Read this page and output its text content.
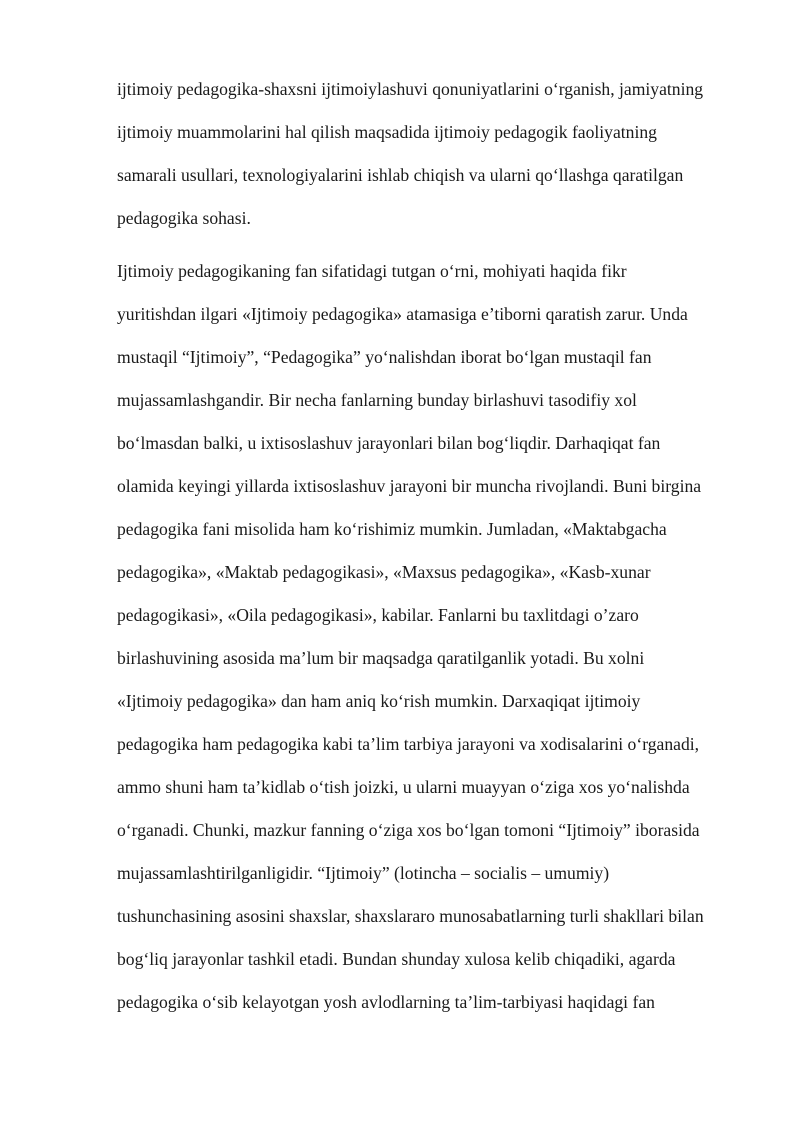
ijtimoiy pedagogika-shaxsni ijtimoiylashuvi qonuniyatlarini o‘rganish, jamiyatning
ijtimoiy muammolarini hal qilish maqsadida ijtimoiy pedagogik faoliyatning
samarali usullari, texnologiyalarini ishlab chiqish va ularni qo‘llashga qaratilgan
pedagogika sohasi.
Ijtimoiy pedagogikaning fan sifatidagi tutgan o‘rni, mohiyati haqida fikr
yuritishdan ilgari «Ijtimoiy pedagogika» atamasiga e’tiborni qaratish zarur. Unda
mustaqil “Ijtimoiy”, “Pedagogika” yo‘nalishdan iborat bo‘lgan mustaqil fan
mujassamlashgandir. Bir necha fanlarning bunday birlashuvi tasodifiy xol
bo‘lmasdan balki, u ixtisoslashuv jarayonlari bilan bog‘liqdir. Darhaqiqat fan
olamida keyingi yillarda ixtisoslashuv jarayoni bir muncha rivojlandi. Buni birgina
pedagogika fani misolida ham ko‘rishimiz mumkin. Jumladan, «Maktabgacha
pedagogika», «Maktab pedagogikasi», «Maxsus pedagogika», «Kasb-xunar
pedagogikasi», «Oila pedagogikasi», kabilar. Fanlarni bu taxlitdagi o’zaro
birlashuvining asosida ma’lum bir maqsadga qaratilganlik yotadi. Bu xolni
«Ijtimoiy pedagogika» dan ham aniq ko‘rish mumkin. Darxaqiqat ijtimoiy
pedagogika ham pedagogika kabi ta’lim tarbiya jarayoni va xodisalarini o‘rganadi,
ammo shuni ham ta’kidlab o‘tish joizki, u ularni muayyan o‘ziga xos yo‘nalishda
o‘rganadi. Chunki, mazkur fanning o‘ziga xos bo‘lgan tomoni “Ijtimoiy” iborasida
mujassamlashtirilganligidir. “Ijtimoiy” (lotincha – socialis – umumiy)
tushunchasining asosini shaxslar, shaxslararo munosabatlarning turli shakllari bilan
bog‘liq jarayonlar tashkil etadi. Bundan shunday xulosa kelib chiqadiki, agarda
pedagogika o‘sib kelayotgan yosh avlodlarning ta’lim-tarbiyasi haqidagi fan
